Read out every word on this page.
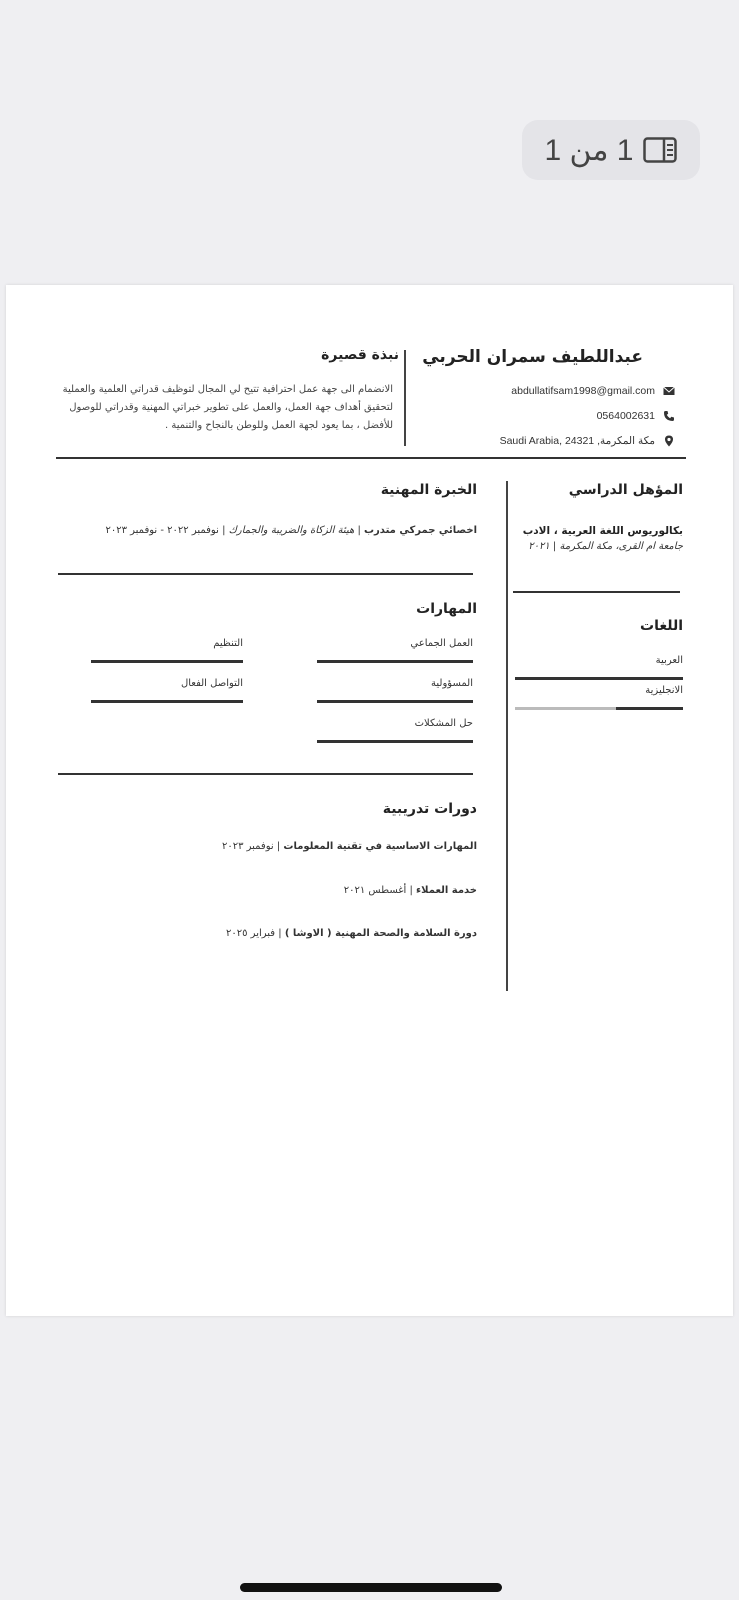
1 من 1
عبداللطيف سمران الحربي
abdullatifsam1998@gmail.com
0564002631
مكة المكرمة, 24321 ,Saudi Arabia
نبذة قصيرة
الانضمام الى جهة عمل احترافية تتيح لي المجال لتوظيف قدراتي العلمية والعملية لتحقيق أهداف جهة العمل، والعمل على تطوير خبراتي المهنية وقدراتي للوصول للأفضل ، بما يعود لجهة العمل وللوطن بالنجاح والتنمية .
الخبرة المهنية
اخصائي جمركي متدرب | هيئة الزكاة والضريبة والجمارك | نوفمبر ٢٠٢٢ - نوفمبر ٢٠٢٣
المؤهل الدراسي
بكالوريوس اللغة العربية ، الادب
جامعة ام القرى، مكة المكرمة | ٢٠٢١
المهارات
العمل الجماعي
التنظيم
المسؤولية
التواصل الفعال
حل المشكلات
اللغات
العربية
الانجليزية
دورات تدريبية
المهارات الاساسية في تقنية المعلومات | نوفمبر ٢٠٢٣
خدمة العملاء | أغسطس ٢٠٢١
دورة السلامة والصحة المهنية ( الاوشا ) | فبراير ٢٠٢٥
